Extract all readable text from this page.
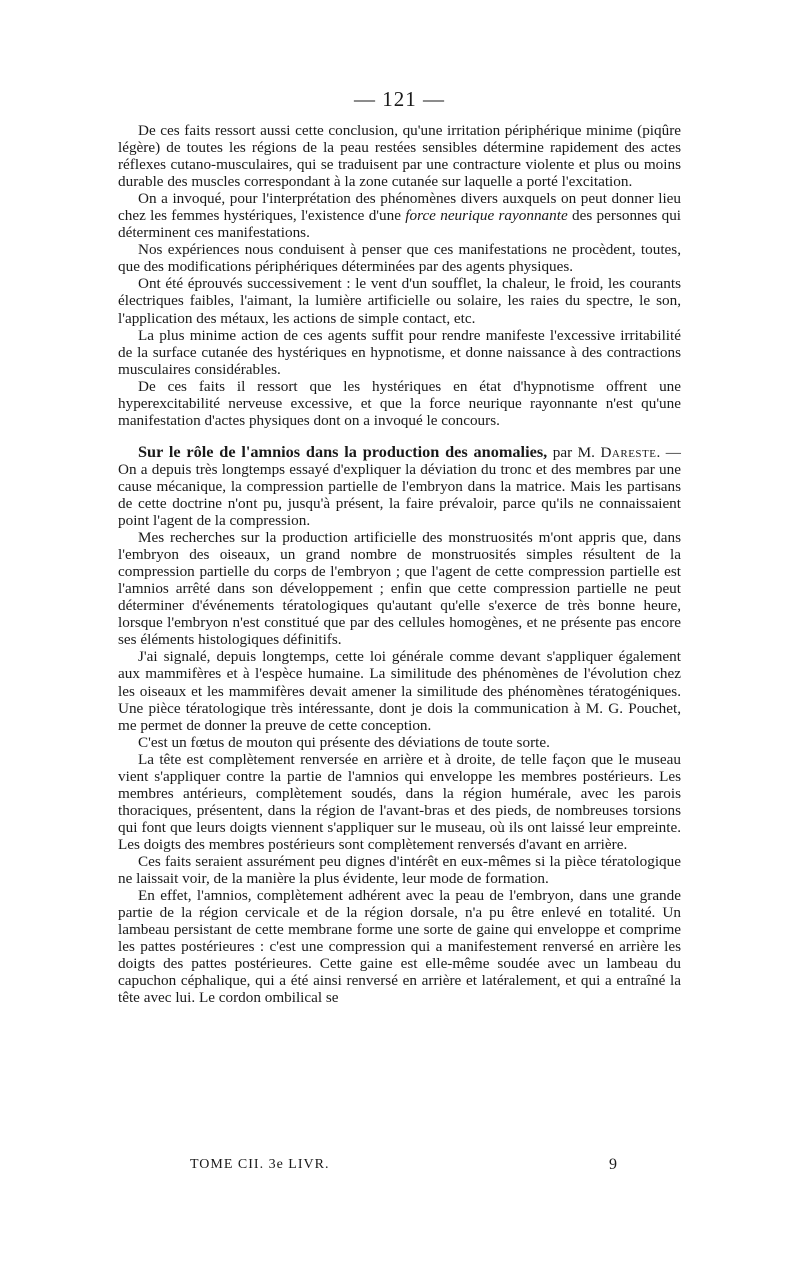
— 121 —

De ces faits ressort aussi cette conclusion, qu'une irritation périphérique minime (piqûre légère) de toutes les régions de la peau restées sensibles détermine rapidement des actes réflexes cutano-musculaires, qui se traduisent par une contracture violente et plus ou moins durable des muscles correspondant à la zone cutanée sur laquelle a porté l'excitation.

On a invoqué, pour l'interprétation des phénomènes divers auxquels on peut donner lieu chez les femmes hystériques, l'existence d'une force neurique rayonnante des personnes qui déterminent ces manifestations.

Nos expériences nous conduisent à penser que ces manifestations ne procèdent, toutes, que des modifications périphériques déterminées par des agents physiques.

Ont été éprouvés successivement : le vent d'un soufflet, la chaleur, le froid, les courants électriques faibles, l'aimant, la lumière artificielle ou solaire, les raies du spectre, le son, l'application des métaux, les actions de simple contact, etc.

La plus minime action de ces agents suffit pour rendre manifeste l'excessive irritabilité de la surface cutanée des hystériques en hypnotisme, et donne naissance à des contractions musculaires considérables.

De ces faits il ressort que les hystériques en état d'hypnotisme offrent une hyperexcitabilité nerveuse excessive, et que la force neurique rayonnante n'est qu'une manifestation d'actes physiques dont on a invoqué le concours.

Sur le rôle de l'amnios dans la production des anomalies, par M. Dareste. — On a depuis très longtemps essayé d'expliquer la déviation du tronc et des membres par une cause mécanique, la compression partielle de l'embryon dans la matrice. Mais les partisans de cette doctrine n'ont pu, jusqu'à présent, la faire prévaloir, parce qu'ils ne connaissaient point l'agent de la compression.

Mes recherches sur la production artificielle des monstruosités m'ont appris que, dans l'embryon des oiseaux, un grand nombre de monstruosités simples résultent de la compression partielle du corps de l'embryon ; que l'agent de cette compression partielle est l'amnios arrêté dans son développement ; enfin que cette compression partielle ne peut déterminer d'événements tératologiques qu'autant qu'elle s'exerce de très bonne heure, lorsque l'embryon n'est constitué que par des cellules homogènes, et ne présente pas encore ses éléments histologiques définitifs.

J'ai signalé, depuis longtemps, cette loi générale comme devant s'appliquer également aux mammifères et à l'espèce humaine. La similitude des phénomènes de l'évolution chez les oiseaux et les mammifères devait amener la similitude des phénomènes tératogéniques. Une pièce tératologique très intéressante, dont je dois la communication à M. G. Pouchet, me permet de donner la preuve de cette conception.

C'est un fœtus de mouton qui présente des déviations de toute sorte.

La tête est complètement renversée en arrière et à droite, de telle façon que le museau vient s'appliquer contre la partie de l'amnios qui enveloppe les membres postérieurs. Les membres antérieurs, complètement soudés, dans la région humérale, avec les parois thoraciques, présentent, dans la région de l'avant-bras et des pieds, de nombreuses torsions qui font que leurs doigts viennent s'appliquer sur le museau, où ils ont laissé leur empreinte. Les doigts des membres postérieurs sont complètement renversés d'avant en arrière.

Ces faits seraient assurément peu dignes d'intérêt en eux-mêmes si la pièce tératologique ne laissait voir, de la manière la plus évidente, leur mode de formation.

En effet, l'amnios, complètement adhérent avec la peau de l'embryon, dans une grande partie de la région cervicale et de la région dorsale, n'a pu être enlevé en totalité. Un lambeau persistant de cette membrane forme une sorte de gaine qui enveloppe et comprime les pattes postérieures : c'est une compression qui a manifestement renversé en arrière les doigts des pattes postérieures. Cette gaine est elle-même soudée avec un lambeau du capuchon céphalique, qui a été ainsi renversé en arrière et latéralement, et qui a entraîné la tête avec lui. Le cordon ombilical se

TOME CII. 3e LIVR.	9
